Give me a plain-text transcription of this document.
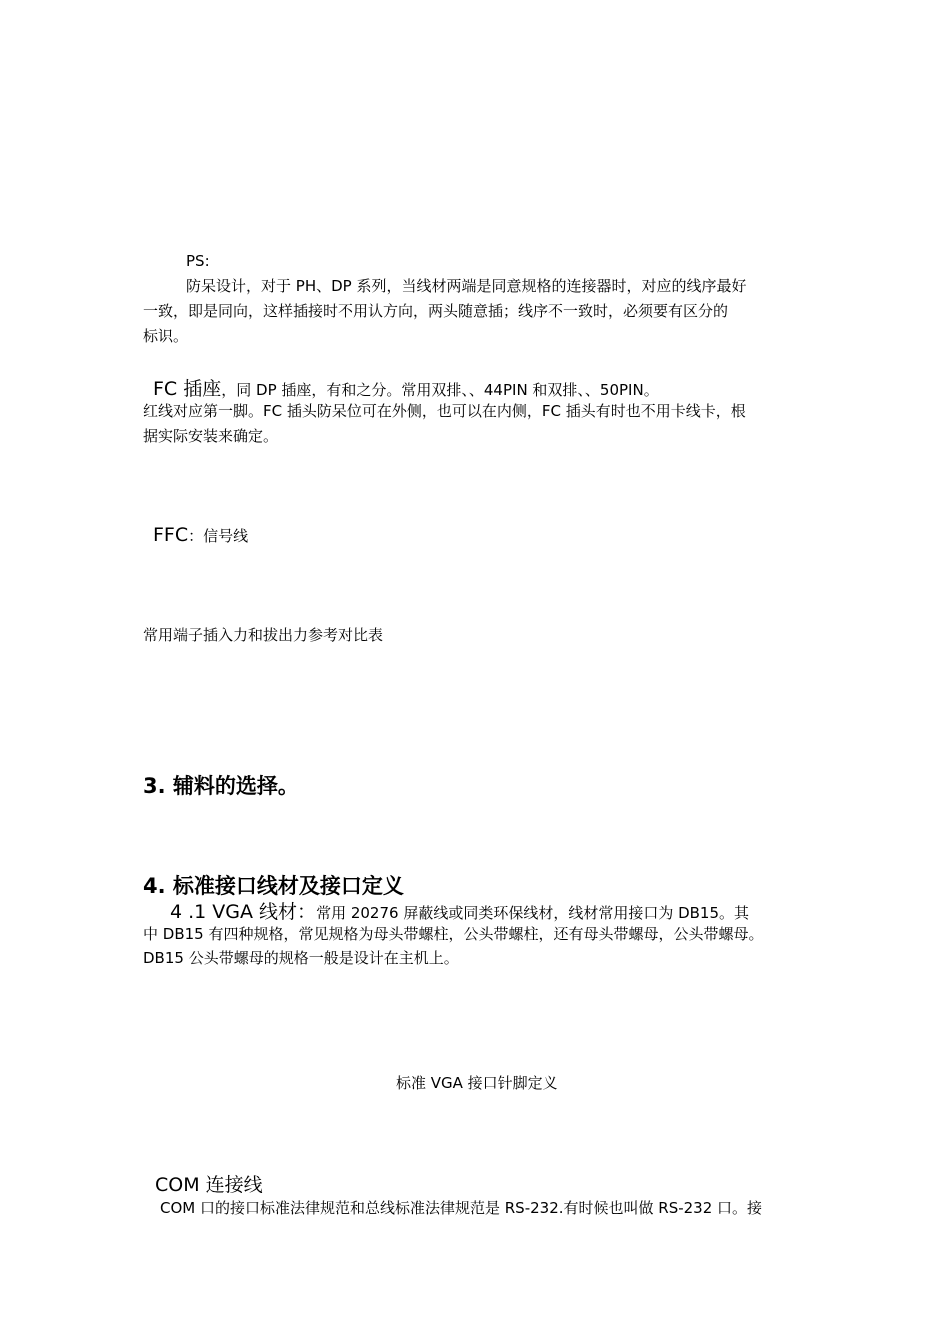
PS:
防呆设计，对于 PH、DP 系列，当线材两端是同意规格的连接器时，对应的线序最好
一致，即是同向，这样插接时不用认方向，两头随意插；线序不一致时，必须要有区分的
标识。
FC 插座，同 DP 插座，有和之分。常用双排、、44PIN 和双排、、50PIN。
红线对应第一脚。FC 插头防呆位可在外侧，也可以在内侧，FC 插头有时也不用卡线卡，根
据实际安装来确定。
FFC：信号线
常用端子插入力和拔出力参考对比表
3. 辅料的选择。
4. 标准接口线材及接口定义
4 .1 VGA 线材：常用 20276 屏蔽线或同类环保线材，线材常用接口为 DB15。其
中 DB15 有四种规格，常见规格为母头带螺柱，公头带螺柱，还有母头带螺母，公头带螺母。
DB15 公头带螺母的规格一般是设计在主机上。
标准 VGA 接口针脚定义
COM 连接线
COM 口的接口标准法律规范和总线标准法律规范是 RS-232.有时候也叫做 RS-232 口。接
